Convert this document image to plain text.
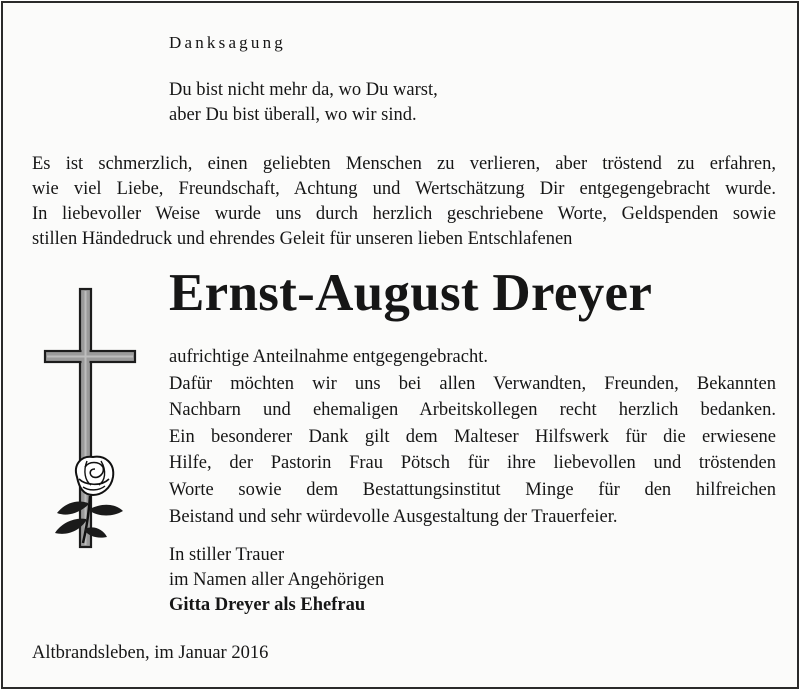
Danksagung
Du bist nicht mehr da, wo Du warst,
aber Du bist überall, wo wir sind.
Es ist schmerzlich, einen geliebten Menschen zu verlieren, aber tröstend zu erfahren,
wie viel Liebe, Freundschaft, Achtung und Wertschätzung Dir entgegengebracht wurde.
In liebevoller Weise wurde uns durch herzlich geschriebene Worte, Geldspenden sowie
stillen Händedruck und ehrendes Geleit für unseren lieben Entschlafenen
Ernst-August Dreyer
aufrichtige Anteilnahme entgegengebracht.
Dafür möchten wir uns bei allen Verwandten, Freunden, Bekannten
Nachbarn und ehemaligen Arbeitskollegen recht herzlich bedanken.
Ein besonderer Dank gilt dem Malteser Hilfswerk für die erwiesene
Hilfe, der Pastorin Frau Pötsch für ihre liebevollen und tröstenden
Worte sowie dem Bestattungsinstitut Minge für den hilfreichen
Beistand und sehr würdevolle Ausgestaltung der Trauerfeier.
In stiller Trauer
im Namen aller Angehörigen
Gitta Dreyer als Ehefrau
Altbrandsleben, im Januar 2016
